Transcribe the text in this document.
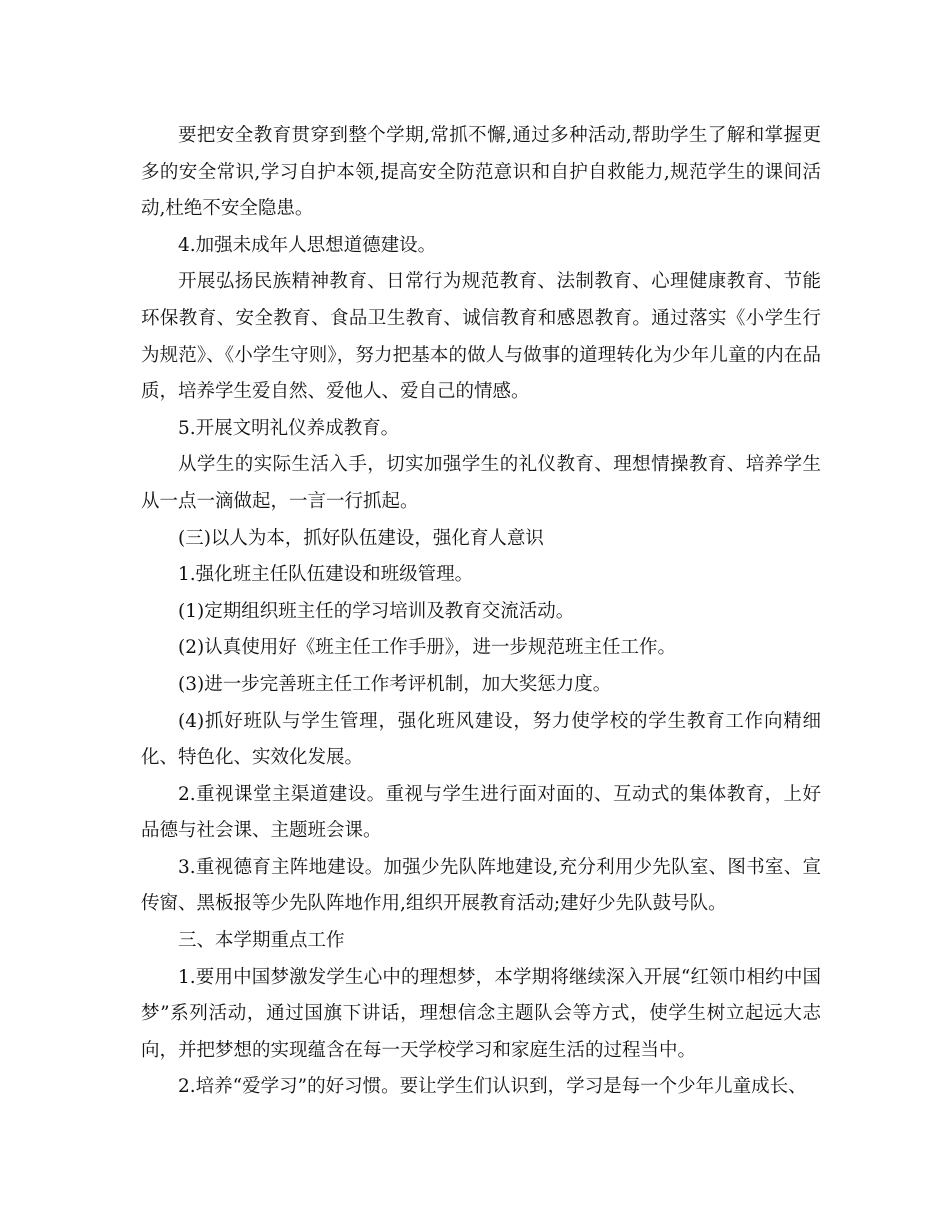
要把安全教育贯穿到整个学期,常抓不懈,通过多种活动,帮助学生了解和掌握更多的安全常识,学习自护本领,提高安全防范意识和自护自救能力,规范学生的课间活动,杜绝不安全隐患。

4.加强未成年人思想道德建设。

开展弘扬民族精神教育、日常行为规范教育、法制教育、心理健康教育、节能环保教育、安全教育、食品卫生教育、诚信教育和感恩教育。通过落实《小学生行为规范》、《小学生守则》，努力把基本的做人与做事的道理转化为少年儿童的内在品质，培养学生爱自然、爱他人、爱自己的情感。

5.开展文明礼仪养成教育。

从学生的实际生活入手，切实加强学生的礼仪教育、理想情操教育、培养学生从一点一滴做起，一言一行抓起。

(三)以人为本，抓好队伍建设，强化育人意识

1.强化班主任队伍建设和班级管理。

(1)定期组织班主任的学习培训及教育交流活动。

(2)认真使用好《班主任工作手册》，进一步规范班主任工作。

(3)进一步完善班主任工作考评机制，加大奖惩力度。

(4)抓好班队与学生管理，强化班风建设，努力使学校的学生教育工作向精细化、特色化、实效化发展。

2.重视课堂主渠道建设。重视与学生进行面对面的、互动式的集体教育，上好品德与社会课、主题班会课。

3.重视德育主阵地建设。加强少先队阵地建设,充分利用少先队室、图书室、宣传窗、黑板报等少先队阵地作用,组织开展教育活动;建好少先队鼓号队。

三、本学期重点工作

1.要用中国梦激发学生心中的理想梦，本学期将继续深入开展“红领巾相约中国梦”系列活动，通过国旗下讲话，理想信念主题队会等方式，使学生树立起远大志向，并把梦想的实现蕴含在每一天学校学习和家庭生活的过程当中。

2.培养“爱学习”的好习惯。要让学生们认识到，学习是每一个少年儿童成长、
